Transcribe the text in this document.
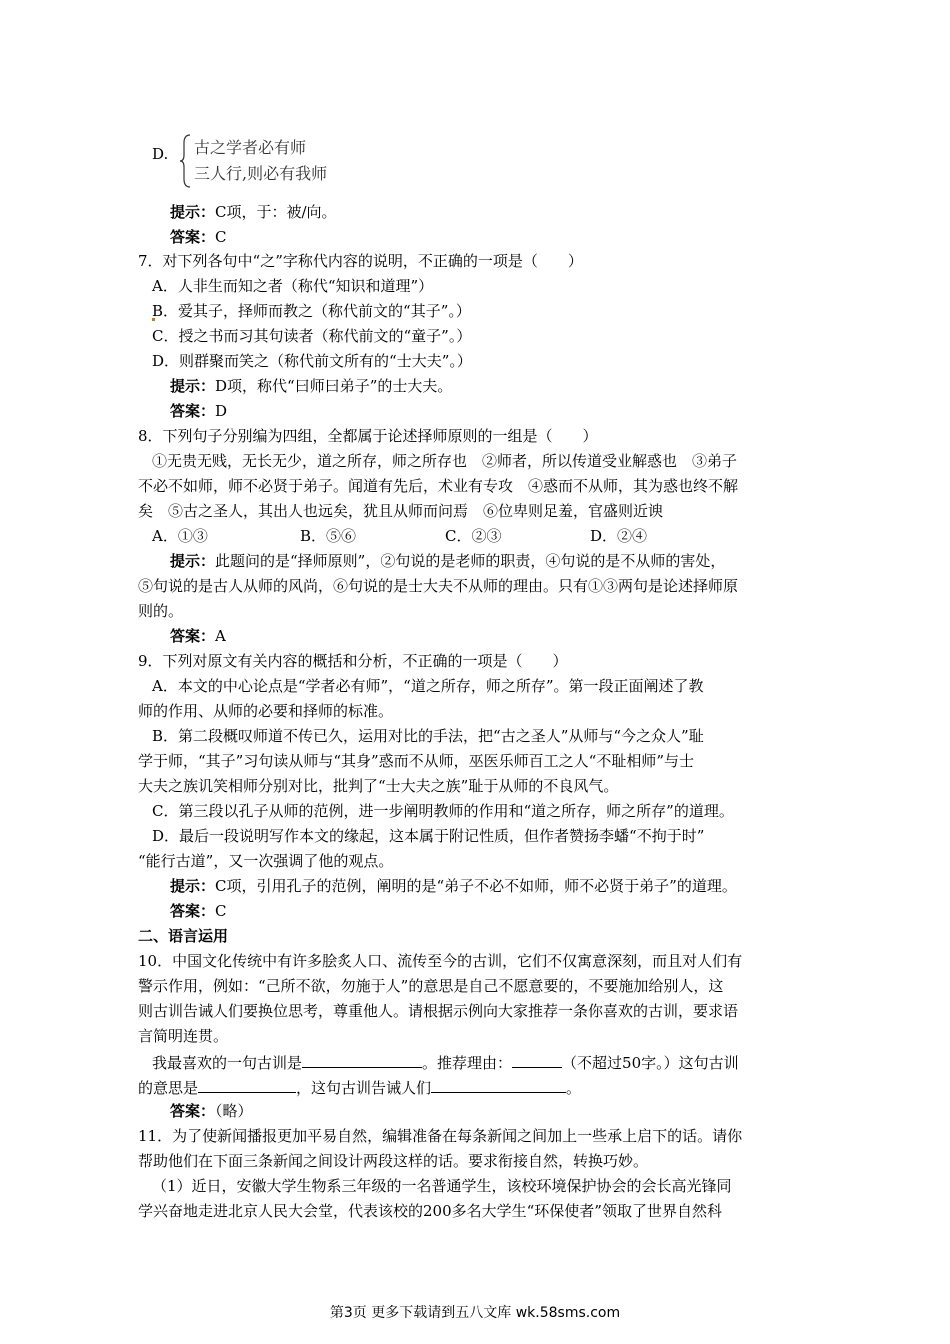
D. 古之学者必有师
三人行,则必有我师
提示：C项，于：被/向。
答案：C
7．对下列各句中“之”字称代内容的说明，不正确的一项是（　　）
A．人非生而知之者（称代“知识和道理”）
B．爱其子，择师而教之（称代前文的“其子”。）
C．授之书而习其句读者（称代前文的“童子”。）
D．则群聚而笑之（称代前文所有的“士大夫”。）
提示：D项，称代“曰师曰弟子”的士大夫。
答案：D
8．下列句子分别编为四组，全都属于论述择师原则的一组是（　　）
①无贵无贱，无长无少，道之所存，师之所存也　②师者，所以传道受业解惑也　③弟子
不必不如师，师不必贤于弟子。闻道有先后，术业有专攻　④惑而不从师，其为惑也终不解
矣　⑤古之圣人，其出人也远矣，犹且从师而问焉　⑥位卑则足羞，官盛则近谀
A．①③	B．⑤⑥	C．②③	D．②④
提示：此题问的是“择师原则”，②句说的是老师的职责，④句说的是不从师的害处，
⑤句说的是古人从师的风尚，⑥句说的是士大夫不从师的理由。只有①③两句是论述择师原
则的。
答案：A
9．下列对原文有关内容的概括和分析，不正确的一项是（　　）
A．本文的中心论点是“学者必有师”，“道之所存，师之所存”。第一段正面阐述了教
师的作用、从师的必要和择师的标准。
B．第二段概叹师道不传已久，运用对比的手法，把“古之圣人”从师与“今之众人”耻
学于师，“其子”习句读从师与“其身”惑而不从师，巫医乐师百工之人“不耻相师”与士
大夫之族讥笑相师分别对比，批判了“士大夫之族”耻于从师的不良风气。
C．第三段以孔子从师的范例，进一步阐明教师的作用和“道之所存，师之所存”的道理。
D．最后一段说明写作本文的缘起，这本属于附记性质，但作者赞扬李蟠“不拘于时”
“能行古道”，又一次强调了他的观点。
提示：C项，引用孔子的范例，阐明的是“弟子不必不如师，师不必贤于弟子”的道理。
答案：C
二、语言运用
10．中国文化传统中有许多脍炙人口、流传至今的古训，它们不仅寓意深刻，而且对人们有
警示作用，例如：“己所不欲，勿施于人”的意思是自己不愿意要的，不要施加给别人，这
则古训告诫人们要换位思考，尊重他人。请根据示例向大家推荐一条你喜欢的古训，要求语
言简明连贯。
我最喜欢的一句古训是	。推荐理由：	（不超过50字。）这句古训
的意思是	，这句古训告诫人们	。
答案：（略）
11．为了使新闻播报更加平易自然，编辑准备在每条新闻之间加上一些承上启下的话。请你
帮助他们在下面三条新闻之间设计两段这样的话。要求衔接自然，转换巧妙。
（1）近日，安徽大学生物系三年级的一名普通学生，该校环境保护协会的会长高光锋同
学兴奋地走进北京人民大会堂，代表该校的200多名大学生“环保使者”领取了世界自然科
第3页 更多下载请到五八文库 wk.58sms.com
